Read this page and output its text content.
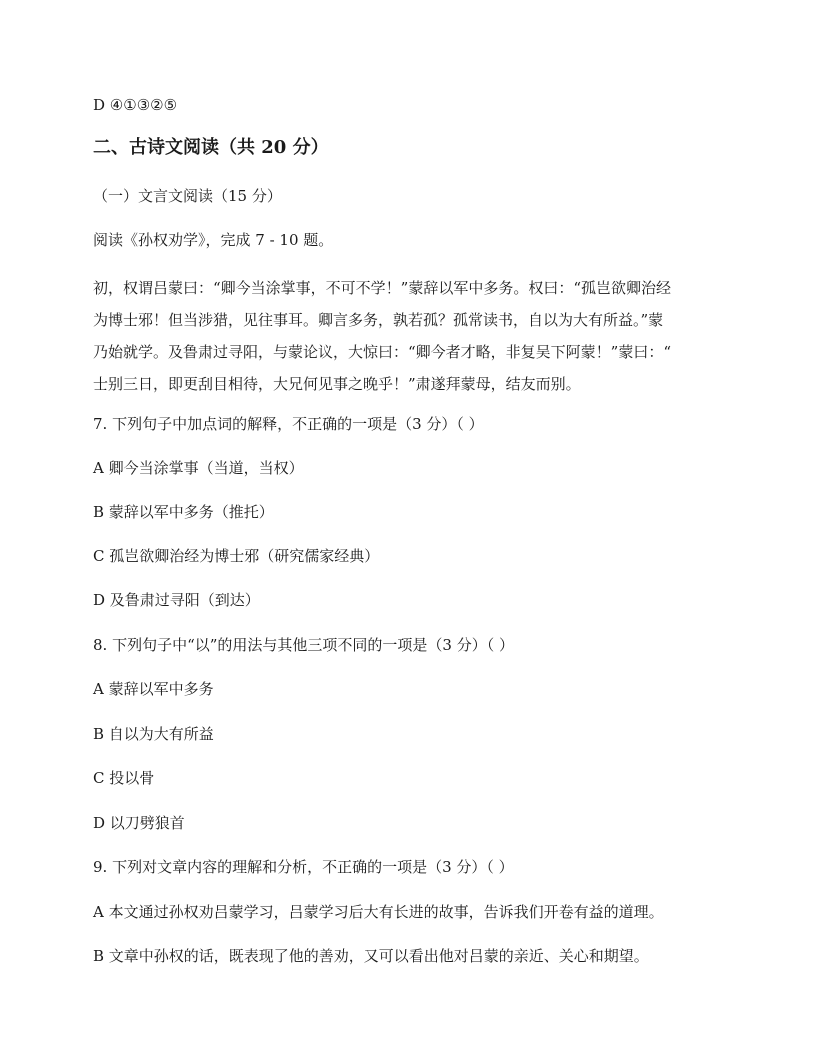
D ④①③②⑤
二、古诗文阅读（共 20 分）
（一）文言文阅读（15 分）
阅读《孙权劝学》，完成 7 - 10 题。
初，权谓吕蒙曰：“卿今当涂掌事，不可不学！”蒙辞以军中多务。权曰：“孤岂欲卿治经
为博士邪！但当涉猎，见往事耳。卿言多务，孰若孤？孤常读书，自以为大有所益。”蒙
乃始就学。及鲁肃过寻阳，与蒙论议，大惊曰：“卿今者才略，非复吴下阿蒙！”蒙曰：“
士别三日，即更刮目相待，大兄何见事之晚乎！”肃遂拜蒙母，结友而别。
7. 下列句子中加点词的解释，不正确的一项是（3 分）（ ）
A 卿今当涂掌事（当道，当权）
B 蒙辞以军中多务（推托）
C 孤岂欲卿治经为博士邪（研究儒家经典）
D 及鲁肃过寻阳（到达）
8. 下列句子中“以”的用法与其他三项不同的一项是（3 分）（ ）
A 蒙辞以军中多务
B 自以为大有所益
C 投以骨
D 以刀劈狼首
9. 下列对文章内容的理解和分析，不正确的一项是（3 分）（ ）
A 本文通过孙权劝吕蒙学习，吕蒙学习后大有长进的故事，告诉我们开卷有益的道理。
B 文章中孙权的话，既表现了他的善劝，又可以看出他对吕蒙的亲近、关心和期望。
